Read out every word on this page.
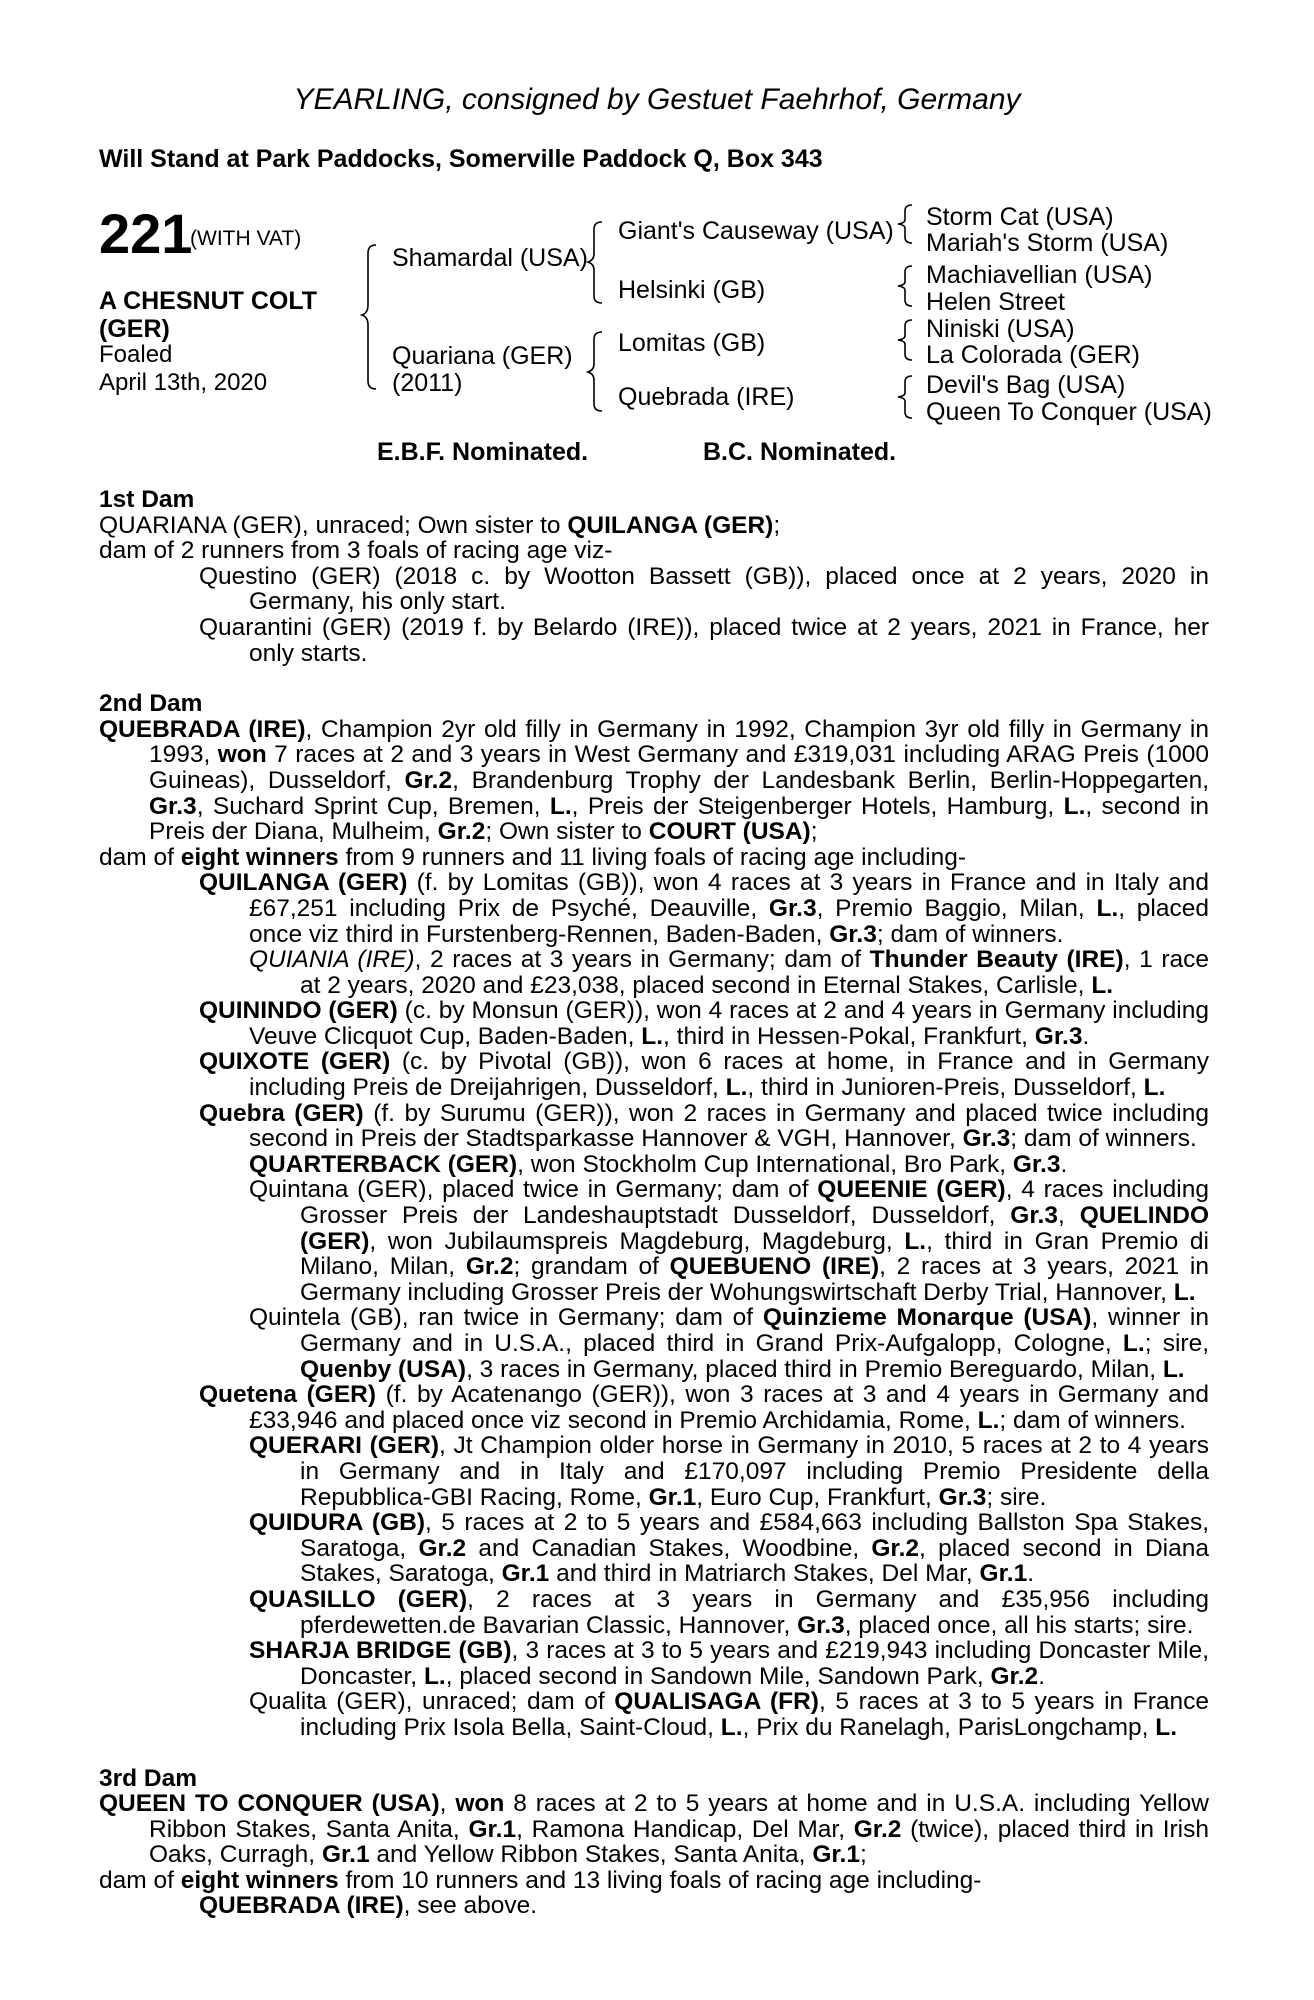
YEARLING, consigned by Gestuet Faehrhof, Germany
Will Stand at Park Paddocks, Somerville Paddock Q, Box 343
221
(WITH VAT)
A CHESNUT COLT
(GER)
Foaled
April 13th, 2020
Shamardal (USA)
Quariana (GER)
(2011)
Giant's Causeway (USA)
Helsinki (GB)
Lomitas (GB)
Quebrada (IRE)
Storm Cat (USA)
Mariah's Storm (USA)
Machiavellian (USA)
Helen Street
Niniski (USA)
La Colorada (GER)
Devil's Bag (USA)
Queen To Conquer (USA)
E.B.F. Nominated.	B.C. Nominated.

1st Dam

QUARIANA (GER), unraced; Own sister to QUILANGA (GER);

dam of 2 runners from 3 foals of racing age viz-

Questino (GER) (2018 c. by Wootton Bassett (GB)), placed once at 2 years, 2020 in Germany, his only start.

Quarantini (GER) (2019 f. by Belardo (IRE)), placed twice at 2 years, 2021 in France, her only starts.

2nd Dam

QUEBRADA (IRE), Champion 2yr old filly in Germany in 1992, Champion 3yr old filly in Germany in 1993, won 7 races at 2 and 3 years in West Germany and £319,031 including ARAG Preis (1000 Guineas), Dusseldorf, Gr.2, Brandenburg Trophy der Landesbank Berlin, Berlin-Hoppegarten, Gr.3, Suchard Sprint Cup, Bremen, L., Preis der Steigenberger Hotels, Hamburg, L., second in Preis der Diana, Mulheim, Gr.2; Own sister to COURT (USA);

dam of eight winners from 9 runners and 11 living foals of racing age including-

QUILANGA (GER) (f. by Lomitas (GB)), won 4 races at 3 years in France and in Italy and £67,251 including Prix de Psyché, Deauville, Gr.3, Premio Baggio, Milan, L., placed once viz third in Furstenberg-Rennen, Baden-Baden, Gr.3; dam of winners.

QUIANIA (IRE), 2 races at 3 years in Germany; dam of Thunder Beauty (IRE), 1 race at 2 years, 2020 and £23,038, placed second in Eternal Stakes, Carlisle, L.

QUININDO (GER) (c. by Monsun (GER)), won 4 races at 2 and 4 years in Germany including Veuve Clicquot Cup, Baden-Baden, L., third in Hessen-Pokal, Frankfurt, Gr.3.

QUIXOTE (GER) (c. by Pivotal (GB)), won 6 races at home, in France and in Germany including Preis de Dreijahrigen, Dusseldorf, L., third in Junioren-Preis, Dusseldorf, L.

Quebra (GER) (f. by Surumu (GER)), won 2 races in Germany and placed twice including second in Preis der Stadtsparkasse Hannover & VGH, Hannover, Gr.3; dam of winners.

QUARTERBACK (GER), won Stockholm Cup International, Bro Park, Gr.3.

Quintana (GER), placed twice in Germany; dam of QUEENIE (GER), 4 races including Grosser Preis der Landeshauptstadt Dusseldorf, Dusseldorf, Gr.3, QUELINDO (GER), won Jubilaumspreis Magdeburg, Magdeburg, L., third in Gran Premio di Milano, Milan, Gr.2; grandam of QUEBUENO (IRE), 2 races at 3 years, 2021 in Germany including Grosser Preis der Wohungswirtschaft Derby Trial, Hannover, L.

Quintela (GB), ran twice in Germany; dam of Quinzieme Monarque (USA), winner in Germany and in U.S.A., placed third in Grand Prix-Aufgalopp, Cologne, L.; sire, Quenby (USA), 3 races in Germany, placed third in Premio Bereguardo, Milan, L.

Quetena (GER) (f. by Acatenango (GER)), won 3 races at 3 and 4 years in Germany and £33,946 and placed once viz second in Premio Archidamia, Rome, L.; dam of winners.

QUERARI (GER), Jt Champion older horse in Germany in 2010, 5 races at 2 to 4 years in Germany and in Italy and £170,097 including Premio Presidente della Repubblica-GBI Racing, Rome, Gr.1, Euro Cup, Frankfurt, Gr.3; sire.

QUIDURA (GB), 5 races at 2 to 5 years and £584,663 including Ballston Spa Stakes, Saratoga, Gr.2 and Canadian Stakes, Woodbine, Gr.2, placed second in Diana Stakes, Saratoga, Gr.1 and third in Matriarch Stakes, Del Mar, Gr.1.

QUASILLO (GER), 2 races at 3 years in Germany and £35,956 including pferdewetten.de Bavarian Classic, Hannover, Gr.3, placed once, all his starts; sire.

SHARJA BRIDGE (GB), 3 races at 3 to 5 years and £219,943 including Doncaster Mile, Doncaster, L., placed second in Sandown Mile, Sandown Park, Gr.2.

Qualita (GER), unraced; dam of QUALISAGA (FR), 5 races at 3 to 5 years in France including Prix Isola Bella, Saint-Cloud, L., Prix du Ranelagh, ParisLongchamp, L.

3rd Dam

QUEEN TO CONQUER (USA), won 8 races at 2 to 5 years at home and in U.S.A. including Yellow Ribbon Stakes, Santa Anita, Gr.1, Ramona Handicap, Del Mar, Gr.2 (twice), placed third in Irish Oaks, Curragh, Gr.1 and Yellow Ribbon Stakes, Santa Anita, Gr.1;

dam of eight winners from 10 runners and 13 living foals of racing age including-

QUEBRADA (IRE), see above.
